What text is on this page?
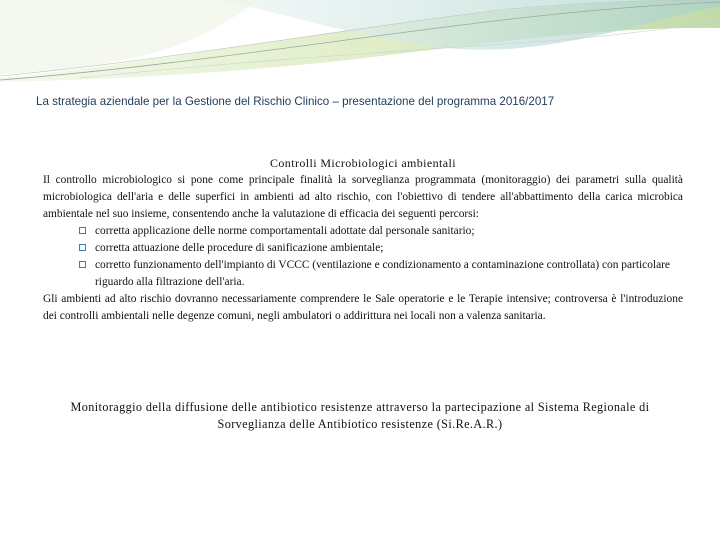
La strategia aziendale per la Gestione del Rischio Clinico – presentazione del programma 2016/2017

Controlli Microbiologici ambientali

Il controllo microbiologico si pone come principale finalità la sorveglianza programmata (monitoraggio) dei parametri sulla qualità microbiologica dell'aria e delle superfici in ambienti ad alto rischio, con l'obiettivo di tendere all'abbattimento della carica microbica ambientale nel suo insieme, consentendo anche la valutazione di efficacia dei seguenti percorsi:

corretta applicazione delle norme comportamentali adottate dal personale sanitario;
corretta attuazione delle procedure di sanificazione ambientale;
corretto funzionamento dell'impianto di VCCC (ventilazione e condizionamento a contaminazione controllata) con particolare riguardo alla filtrazione dell'aria.

Gli ambienti ad alto rischio dovranno necessariamente comprendere le Sale operatorie e le Terapie intensive; controversa è l'introduzione dei controlli ambientali nelle degenze comuni, negli ambulatori o addirittura nei locali non a valenza sanitaria.

Monitoraggio della diffusione delle antibiotico resistenze attraverso la partecipazione al Sistema Regionale di Sorveglianza delle Antibiotico resistenze (Si.Re.A.R.)
